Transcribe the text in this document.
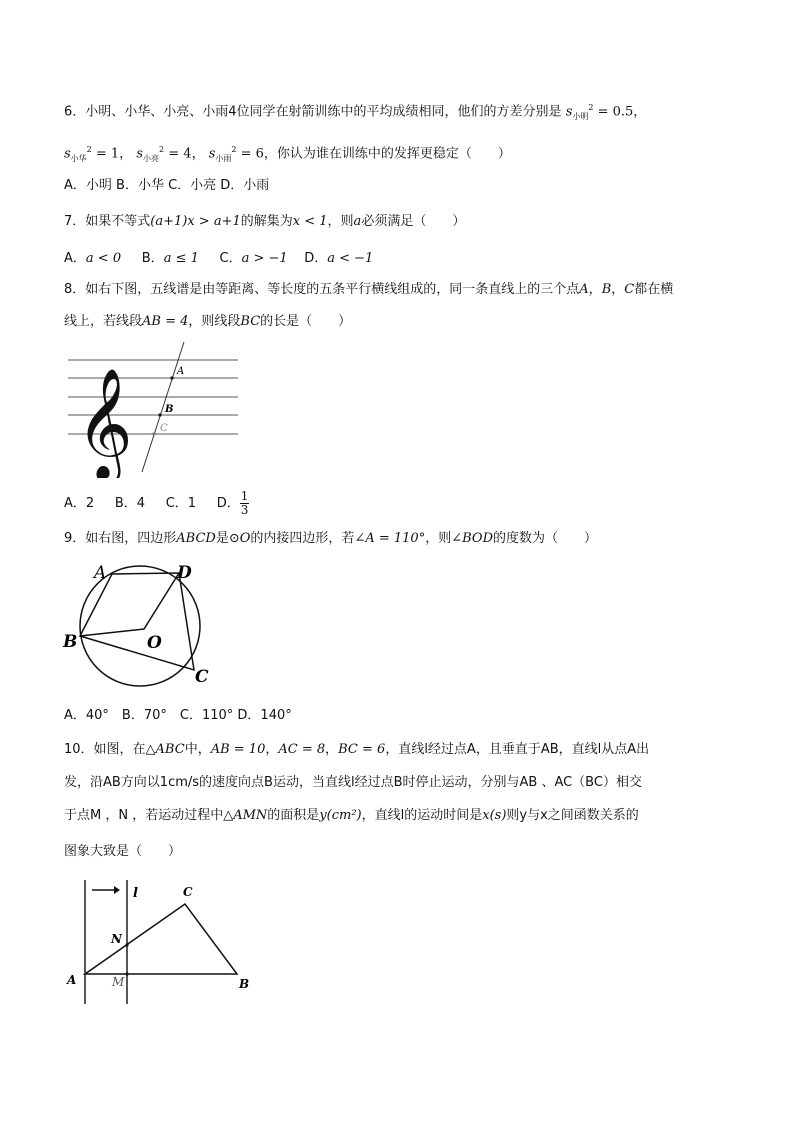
6．小明、小华、小亮、小雨4位同学在射箭训练中的平均成绩相同，他们的方差分别是 $s_{小明}^2 = 0.5$，
$s_{小华}^2 = 1$， $s_{小亮}^2 = 4$， $s_{小雨}^2 = 6$，你认为谁在训练中的发挥更稳定（　　）
A．小明 B．小华 C．小亮 D．小雨
7．如果不等式(a+1)x > a+1的解集为x < 1，则a必须满足（　　）
A．a < 0 B．a ≤ 1 C．a > −1 D．a < −1
8．如右下图，五线谱是由等距离、等长度的五条平行横线组成的，同一条直线上的三个点A，B，C都在横
线上，若线段AB = 4，则线段BC的长是（　　）
𝄞	A
B
C
A．2 B．4 C．1 D． $\frac{1}{3}$
9．如右图，四边形ABCD是⊙O的内接四边形，若∠A = 110°，则∠BOD的度数为（　　）
A	D
B	O
C
A．40°　B．70°　C．110° D．140°
10．如图，在△ABC中，AB = 10，AC = 8，BC = 6，直线l经过点A，且垂直于AB，直线l从点A出
发，沿AB方向以1cm/s的速度向点B运动，当直线l经过点B时停止运动，分别与AB 、AC（BC）相交
于点M ，N ，若运动过程中△AMN的面积是y(cm²)，直线l的运动时间是x(s)则y与x之间函数关系的
图象大致是（　　）
l	C
N
A	M	B
